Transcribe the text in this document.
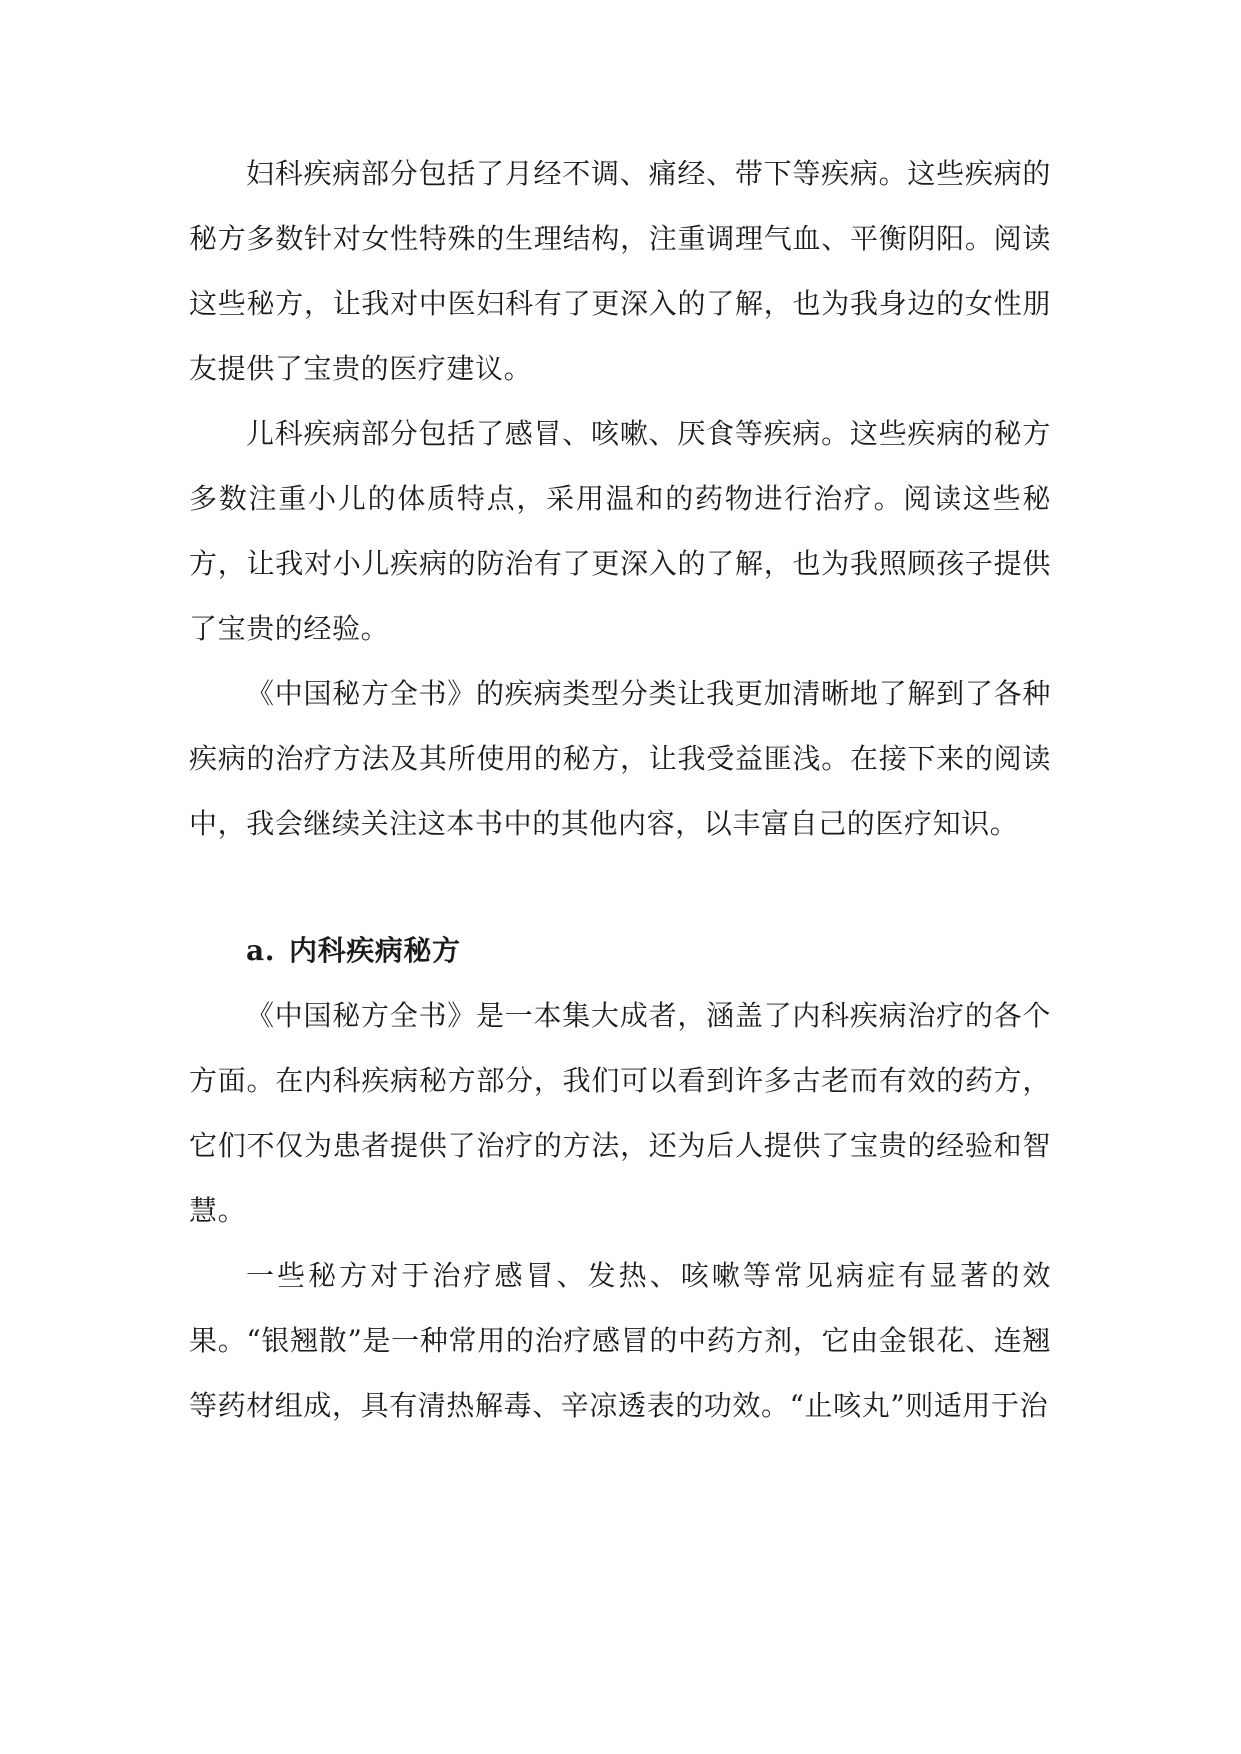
妇科疾病部分包括了月经不调、痛经、带下等疾病。这些疾病的秘方多数针对女性特殊的生理结构，注重调理气血、平衡阴阳。阅读这些秘方，让我对中医妇科有了更深入的了解，也为我身边的女性朋友提供了宝贵的医疗建议。

儿科疾病部分包括了感冒、咳嗽、厌食等疾病。这些疾病的秘方多数注重小儿的体质特点，采用温和的药物进行治疗。阅读这些秘方，让我对小儿疾病的防治有了更深入的了解，也为我照顾孩子提供了宝贵的经验。

《中国秘方全书》的疾病类型分类让我更加清晰地了解到了各种疾病的治疗方法及其所使用的秘方，让我受益匪浅。在接下来的阅读中，我会继续关注这本书中的其他内容，以丰富自己的医疗知识。

a. 内科疾病秘方

《中国秘方全书》是一本集大成者，涵盖了内科疾病治疗的各个方面。在内科疾病秘方部分，我们可以看到许多古老而有效的药方，它们不仅为患者提供了治疗的方法，还为后人提供了宝贵的经验和智慧。

一些秘方对于治疗感冒、发热、咳嗽等常见病症有显著的效果。“银翘散”是一种常用的治疗感冒的中药方剂，它由金银花、连翘等药材组成，具有清热解毒、辛凉透表的功效。“止咳丸”则适用于治
